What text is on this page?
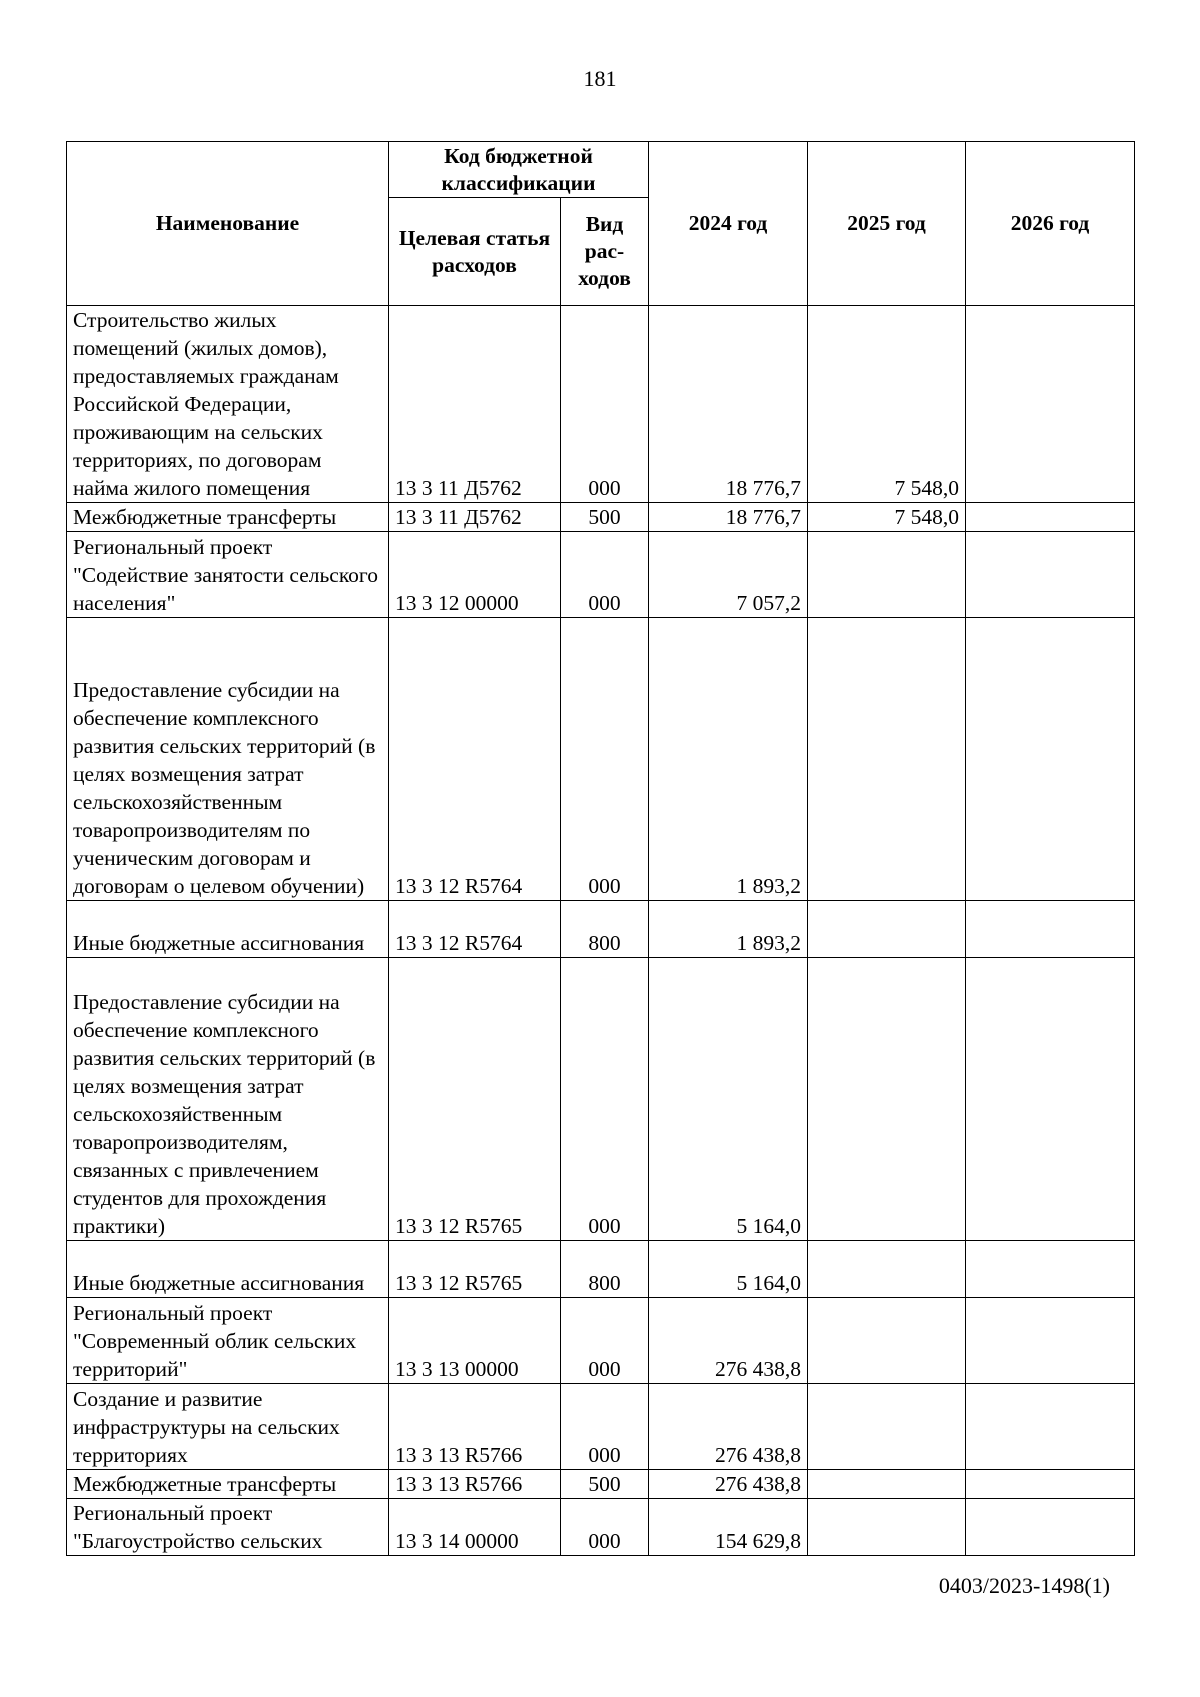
181
Наименование	Код бюджетной классификации		2024 год	2025 год	2026 год
	Целевая статья расходов	Вид рас-ходов			
Строительство жилых помещений (жилых домов), предоставляемых гражданам Российской Федерации, проживающим на сельских территориях, по договорам найма жилого помещения	13 3 11 Д5762	000	18 776,7	7 548,0	
Межбюджетные трансферты	13 3 11 Д5762	500	18 776,7	7 548,0	
Региональный проект "Содействие занятости сельского населения"	13 3 12 00000	000	7 057,2		
Предоставление субсидии на обеспечение комплексного развития сельских территорий (в целях возмещения затрат сельскохозяйственным товаропроизводителям по ученическим договорам и договорам о целевом обучении)	13 3 12 R5764	000	1 893,2		
Иные бюджетные ассигнования	13 3 12 R5764	800	1 893,2		
Предоставление субсидии на обеспечение комплексного развития сельских территорий (в целях возмещения затрат сельскохозяйственным товаропроизводителям, связанных с привлечением студентов для прохождения практики)	13 3 12 R5765	000	5 164,0		
Иные бюджетные ассигнования	13 3 12 R5765	800	5 164,0		
Региональный проект "Современный облик сельских территорий"	13 3 13 00000	000	276 438,8		
Создание и развитие инфраструктуры на сельских территориях	13 3 13 R5766	000	276 438,8		
Межбюджетные трансферты	13 3 13 R5766	500	276 438,8		
Региональный проект "Благоустройство сельских	13 3 14 00000	000	154 629,8		
0403/2023-1498(1)
